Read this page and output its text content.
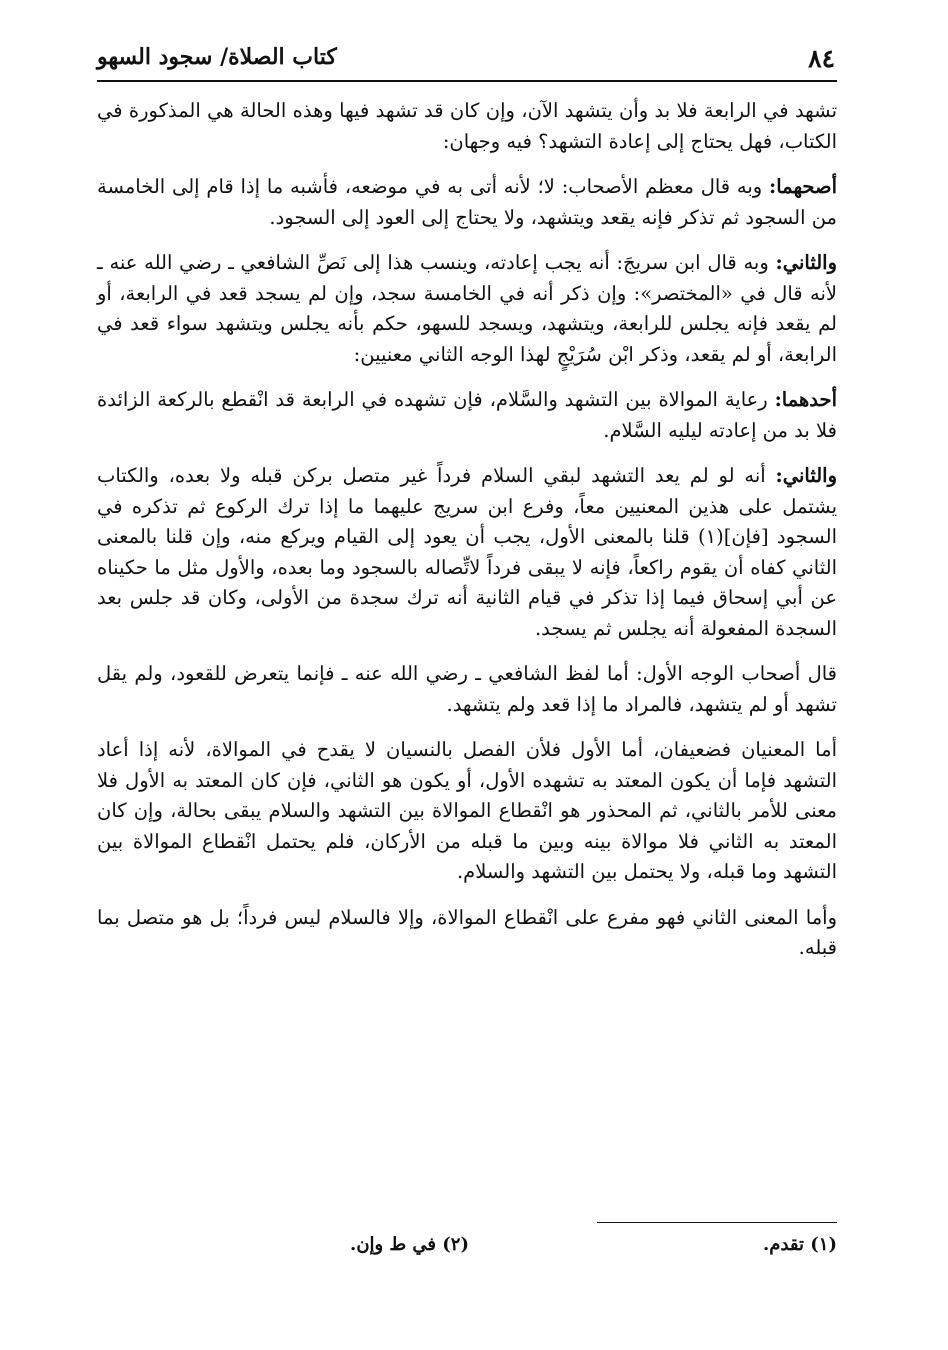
٨٤
كتاب الصلاة/ سجود السهو

تشهد في الرابعة فلا بد وأن يتشهد الآن، وإن كان قد تشهد فيها وهذه الحالة هي المذكورة في الكتاب، فهل يحتاج إلى إعادة التشهد؟ فيه وجهان:

أصحهما: وبه قال معظم الأصحاب: لا؛ لأنه أتى به في موضعه، فأشبه ما إذا قام إلى الخامسة من السجود ثم تذكر فإنه يقعد ويتشهد، ولا يحتاج إلى العود إلى السجود.

والثاني: وبه قال ابن سريجَ: أنه يجب إعادته، وينسب هذا إلى نَصِّ الشافعي ـ رضي الله عنه ـ لأنه قال في «المختصر»: وإن ذكر أنه في الخامسة سجد، وإن لم يسجد قعد في الرابعة، أو لم يقعد فإنه يجلس للرابعة، ويتشهد، ويسجد للسهو، حكم بأنه يجلس ويتشهد سواء قعد في الرابعة، أو لم يقعد، وذكر ابْن سُرَيْجٍ لهذا الوجه الثاني معنيين:

أحدهما: رعاية الموالاة بين التشهد والسَّلام، فإن تشهده في الرابعة قد انْقطع بالركعة الزائدة فلا بد من إعادته ليليه السَّلام.

والثاني: أنه لو لم يعد التشهد لبقي السلام فرداً غير متصل بركن قبله ولا بعده، والكتاب يشتمل على هذين المعنيين معاً، وفرع ابن سريج عليهما ما إذا ترك الركوع ثم تذكره في السجود [فإن](١) قلنا بالمعنى الأول، يجب أن يعود إلى القيام ويركع منه، وإن قلنا بالمعنى الثاني كفاه أن يقوم راكعاً، فإنه لا يبقى فرداً لاتِّصاله بالسجود وما بعده، والأول مثل ما حكيناه عن أبي إسحاق فيما إذا تذكر في قيام الثانية أنه ترك سجدة من الأولى، وكان قد جلس بعد السجدة المفعولة أنه يجلس ثم يسجد.

قال أصحاب الوجه الأول: أما لفظ الشافعي ـ رضي الله عنه ـ فإنما يتعرض للقعود، ولم يقل تشهد أو لم يتشهد، فالمراد ما إذا قعد ولم يتشهد.

أما المعنيان فضعيفان، أما الأول فلأن الفصل بالنسيان لا يقدح في الموالاة، لأنه إذا أعاد التشهد فإما أن يكون المعتد به تشهده الأول، أو يكون هو الثاني، فإن كان المعتد به الأول فلا معنى للأمر بالثاني، ثم المحذور هو انْقطاع الموالاة بين التشهد والسلام يبقى بحالة، وإن كان المعتد به الثاني فلا موالاة بينه وبين ما قبله من الأركان، فلم يحتمل انْقطاع الموالاة بين التشهد وما قبله، ولا يحتمل بين التشهد والسلام.

وأما المعنى الثاني فهو مفرع على انْقطاع الموالاة، وإلا فالسلام ليس فرداً؛ بل هو متصل بما قبله.

(١) تقدم.
(٢) في ط وإن.
